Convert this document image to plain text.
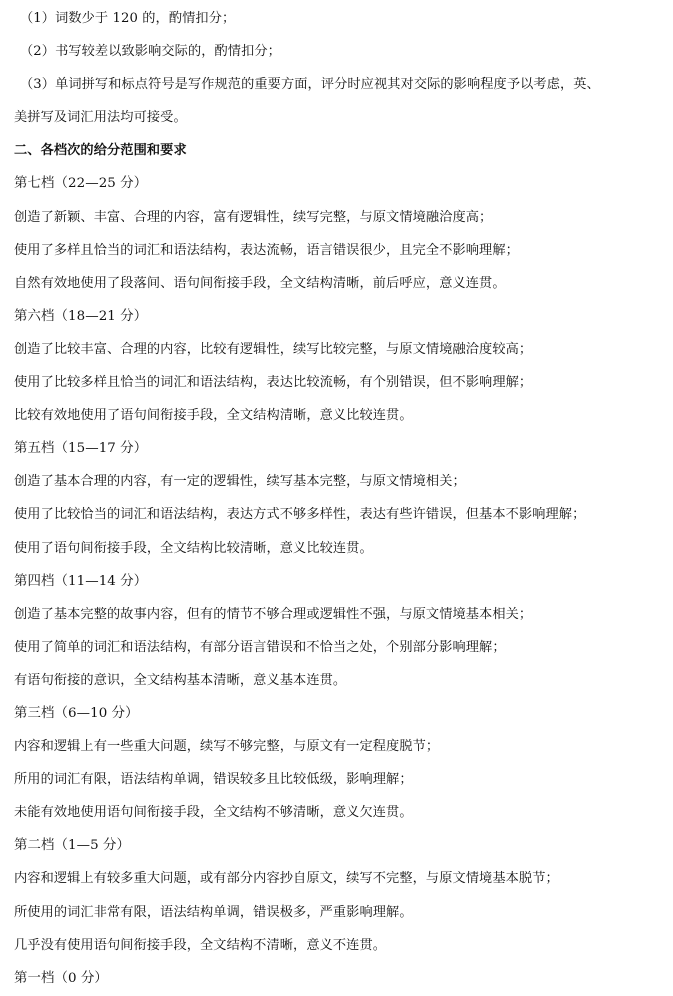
（1）词数少于 120 的，酌情扣分；
（2）书写较差以致影响交际的，酌情扣分；
（3）单词拼写和标点符号是写作规范的重要方面，评分时应视其对交际的影响程度予以考虑，英、
美拼写及词汇用法均可接受。
二、各档次的给分范围和要求
第七档（22—25 分）
创造了新颖、丰富、合理的内容，富有逻辑性，续写完整，与原文情境融洽度高；
使用了多样且恰当的词汇和语法结构，表达流畅，语言错误很少，且完全不影响理解；
自然有效地使用了段落间、语句间衔接手段，全文结构清晰，前后呼应，意义连贯。
第六档（18—21 分）
创造了比较丰富、合理的内容，比较有逻辑性，续写比较完整，与原文情境融洽度较高；
使用了比较多样且恰当的词汇和语法结构，表达比较流畅，有个别错误，但不影响理解；
比较有效地使用了语句间衔接手段，全文结构清晰，意义比较连贯。
第五档（15—17 分）
创造了基本合理的内容，有一定的逻辑性，续写基本完整，与原文情境相关；
使用了比较恰当的词汇和语法结构，表达方式不够多样性，表达有些许错误，但基本不影响理解；
使用了语句间衔接手段，全文结构比较清晰，意义比较连贯。
第四档（11—14 分）
创造了基本完整的故事内容，但有的情节不够合理或逻辑性不强，与原文情境基本相关；
使用了简单的词汇和语法结构，有部分语言错误和不恰当之处，个别部分影响理解；
有语句衔接的意识，全文结构基本清晰，意义基本连贯。
第三档（6—10 分）
内容和逻辑上有一些重大问题，续写不够完整，与原文有一定程度脱节；
所用的词汇有限，语法结构单调，错误较多且比较低级，影响理解；
未能有效地使用语句间衔接手段，全文结构不够清晰，意义欠连贯。
第二档（1—5 分）
内容和逻辑上有较多重大问题，或有部分内容抄自原文，续写不完整，与原文情境基本脱节；
所使用的词汇非常有限，语法结构单调，错误极多，严重影响理解。
几乎没有使用语句间衔接手段，全文结构不清晰，意义不连贯。
第一档（0 分）
